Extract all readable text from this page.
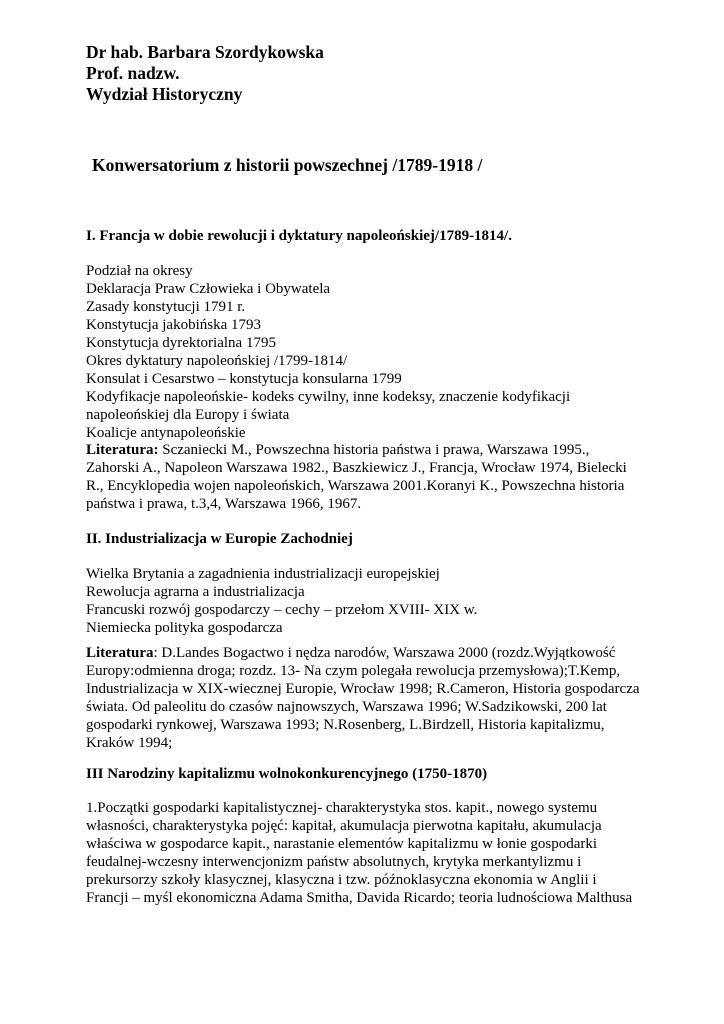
Dr hab. Barbara Szordykowska
Prof. nadzw.
Wydział Historyczny
Konwersatorium z historii powszechnej /1789-1918 /
I. Francja w dobie rewolucji i dyktatury napoleońskiej/1789-1814/.
Podział na okresy
Deklaracja Praw Człowieka i Obywatela
Zasady konstytucji 1791 r.
Konstytucja jakobińska 1793
Konstytucja dyrektorialna 1795
Okres dyktatury napoleońskiej /1799-1814/
Konsulat i Cesarstwo – konstytucja konsularna 1799
Kodyfikacje napoleońskie- kodeks cywilny, inne kodeksy, znaczenie kodyfikacji
napoleońskiej dla Europy i świata
Koalicje antynapoleońskie
Literatura: Sczaniecki M., Powszechna historia państwa i prawa, Warszawa 1995.,
Zahorski A., Napoleon Warszawa 1982., Baszkiewicz J., Francja, Wrocław 1974, Bielecki
R., Encyklopedia wojen napoleońskich, Warszawa 2001.Koranyi K., Powszechna historia
państwa i prawa, t.3,4, Warszawa 1966, 1967.
II. Industrializacja w Europie Zachodniej
Wielka Brytania a zagadnienia industrializacji europejskiej
Rewolucja agrarna a industrializacja
Francuski rozwój gospodarczy – cechy – przełom XVIII- XIX w.
Niemiecka polityka gospodarcza
Literatura: D.Landes Bogactwo i nędza narodów, Warszawa 2000 (rozdz.Wyjątkowość
Europy:odmienna droga; rozdz. 13- Na czym polegała rewolucja przemysłowa);T.Kemp,
Industrializacja w XIX-wiecznej Europie, Wrocław 1998; R.Cameron, Historia gospodarcza
świata. Od paleolitu do czasów najnowszych, Warszawa 1996; W.Sadzikowski, 200 lat
gospodarki rynkowej, Warszawa 1993; N.Rosenberg, L.Birdzell, Historia kapitalizmu,
Kraków 1994;
III Narodziny kapitalizmu wolnokonkurencyjnego (1750-1870)
1.Początki gospodarki kapitalistycznej- charakterystyka stos. kapit., nowego systemu
własności, charakterystyka pojęć: kapitał, akumulacja pierwotna kapitału, akumulacja
właściwa w gospodarce kapit., narastanie elementów kapitalizmu w łonie gospodarki
feudalnej-wczesny interwencjonizm państw absolutnych, krytyka merkantylizmu i
prekursorzy szkoły klasycznej, klasyczna i tzw. późnoklasyczna ekonomia w Anglii i
Francji – myśl ekonomiczna Adama Smitha, Davida Ricardo; teoria ludnościowa Malthusa
